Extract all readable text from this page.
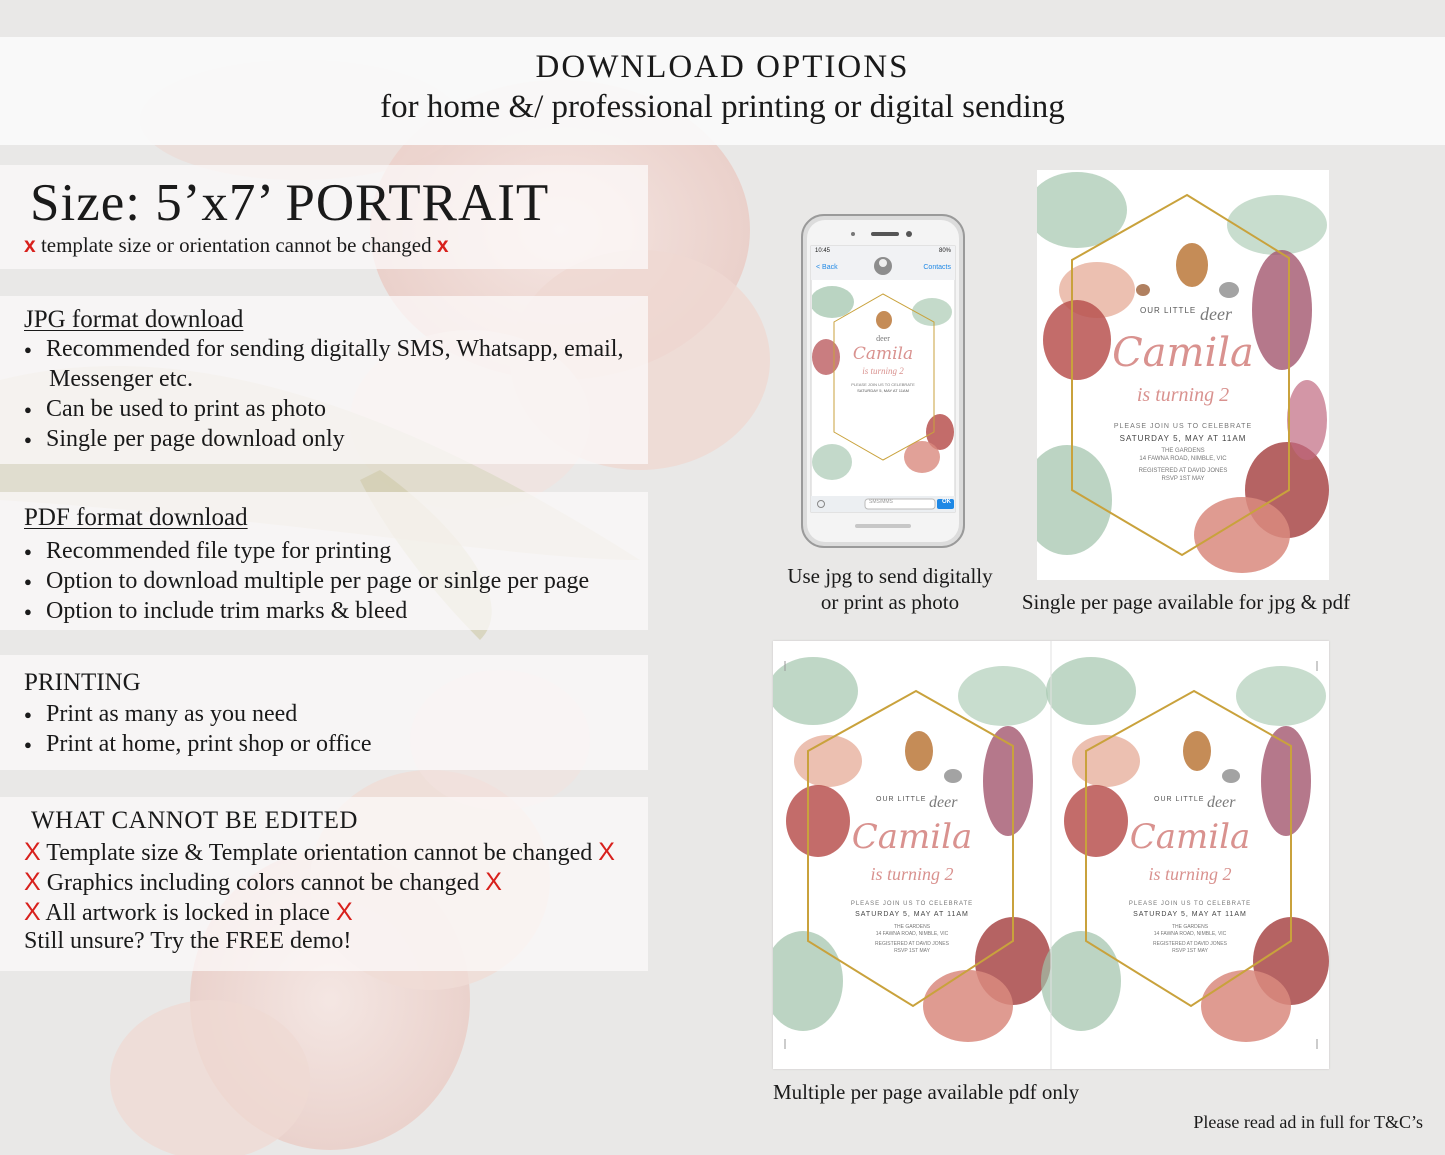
DOWNLOAD OPTIONS
for home &/ professional printing or digital sending
Size: 5’x7’ PORTRAIT
x template size or orientation cannot be changed x
JPG format download
● Recommended for sending digitally SMS, Whatsapp, email,
Messenger etc.
● Can be used to print as photo
● Single per page download only
PDF format download
● Recommended file type for printing
● Option to download multiple per page or sinlge per page
● Option to include trim marks & bleed
PRINTING
● Print as many as you need
● Print at home, print shop or office
WHAT CANNOT BE EDITED
X Template size & Template orientation cannot be changed X
X Graphics including colors cannot be changed X
X All artwork is locked in place X
Still unsure? Try the FREE demo!
10:45	80%
< Back	Contacts
SMS/MMS	OK
deer
Camila
is turning 2
PLEASE JOIN US TO CELEBRATE
SATURDAY 5, MAY AT 11AM
Use jpg to send digitally
or print as photo
OUR LITTLE deer
Camila
is turning 2
PLEASE JOIN US TO CELEBRATE
SATURDAY 5, MAY AT 11AM
THE GARDENS
14 FAWNA ROAD, NIMBLE, VIC
REGISTERED AT DAVID JONES
RSVP 1ST MAY
Single per page available for jpg & pdf
OUR LITTLE deer
Camila
is turning 2
PLEASE JOIN US TO CELEBRATE
SATURDAY 5, MAY AT 11AM
THE GARDENS
14 FAWNA ROAD, NIMBLE, VIC
REGISTERED AT DAVID JONES
RSVP 1ST MAY
OUR LITTLE deer
Camila
is turning 2
PLEASE JOIN US TO CELEBRATE
SATURDAY 5, MAY AT 11AM
THE GARDENS
14 FAWNA ROAD, NIMBLE, VIC
REGISTERED AT DAVID JONES
RSVP 1ST MAY
Multiple per page available pdf only
Please read ad in full for T&C’s
